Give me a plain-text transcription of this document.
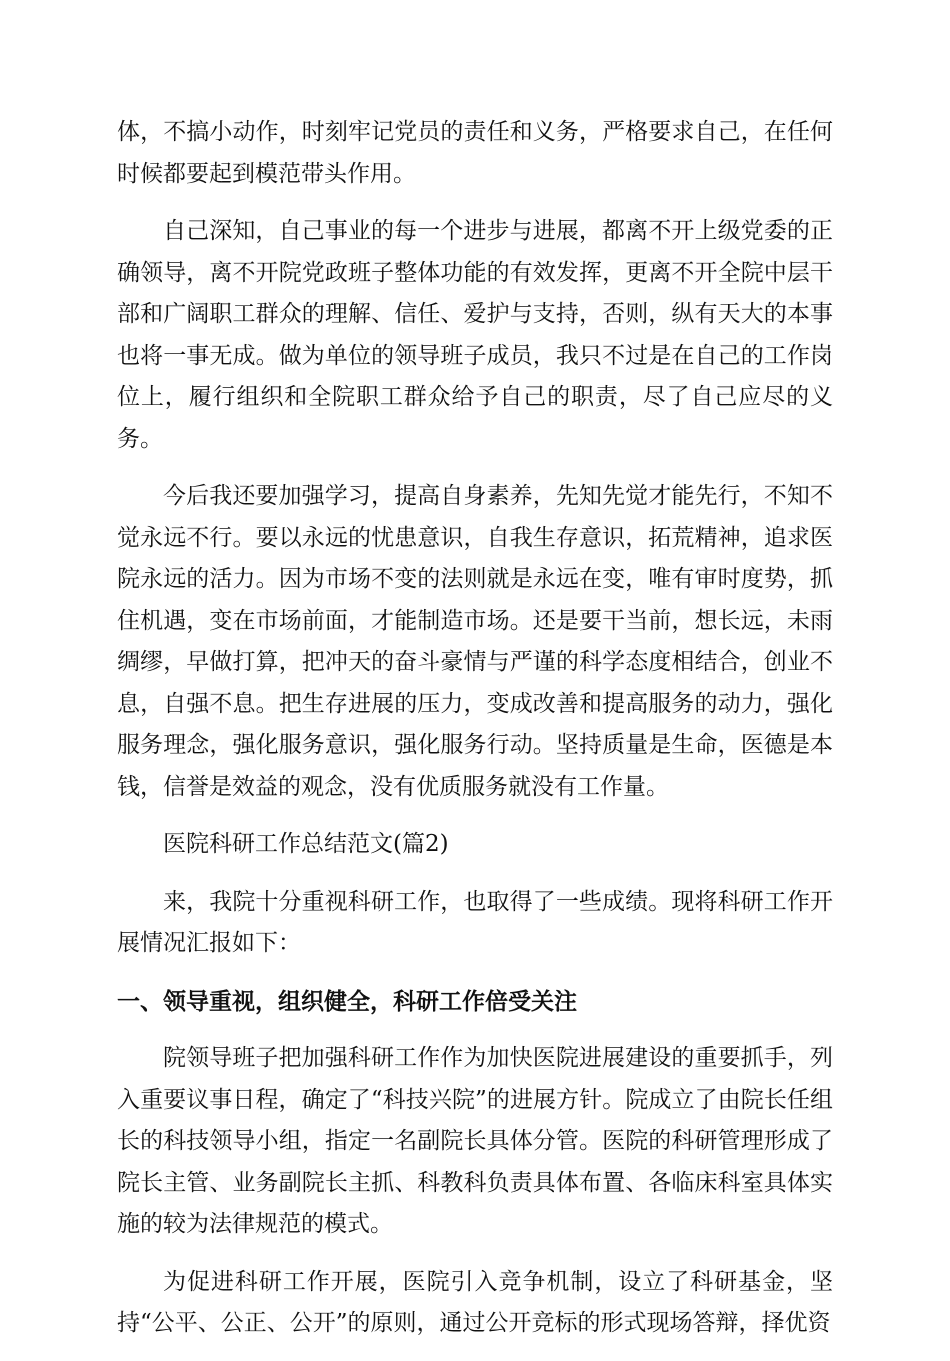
体，不搞小动作，时刻牢记党员的责任和义务，严格要求自己，在任何时候都要起到模范带头作用。

自己深知，自己事业的每一个进步与进展，都离不开上级党委的正确领导，离不开院党政班子整体功能的有效发挥，更离不开全院中层干部和广阔职工群众的理解、信任、爱护与支持，否则，纵有天大的本事也将一事无成。做为单位的领导班子成员，我只不过是在自己的工作岗位上，履行组织和全院职工群众给予自己的职责，尽了自己应尽的义务。

今后我还要加强学习，提高自身素养，先知先觉才能先行，不知不觉永远不行。要以永远的忧患意识，自我生存意识，拓荒精神，追求医院永远的活力。因为市场不变的法则就是永远在变，唯有审时度势，抓住机遇，变在市场前面，才能制造市场。还是要干当前，想长远，未雨绸缪，早做打算，把冲天的奋斗豪情与严谨的科学态度相结合，创业不息，自强不息。把生存进展的压力，变成改善和提高服务的动力，强化服务理念，强化服务意识，强化服务行动。坚持质量是生命，医德是本钱，信誉是效益的观念，没有优质服务就没有工作量。

医院科研工作总结范文(篇2)

来，我院十分重视科研工作，也取得了一些成绩。现将科研工作开展情况汇报如下：

一、领导重视，组织健全，科研工作倍受关注

院领导班子把加强科研工作作为加快医院进展建设的重要抓手，列入重要议事日程，确定了“科技兴院”的进展方针。院成立了由院长任组长的科技领导小组，指定一名副院长具体分管。医院的科研管理形成了院长主管、业务副院长主抓、科教科负责具体布置、各临床科室具体实施的较为法律规范的模式。

为促进科研工作开展，医院引入竞争机制，设立了科研基金，坚持“公平、公正、公开”的原则，通过公开竞标的形式现场答辩，择优资
